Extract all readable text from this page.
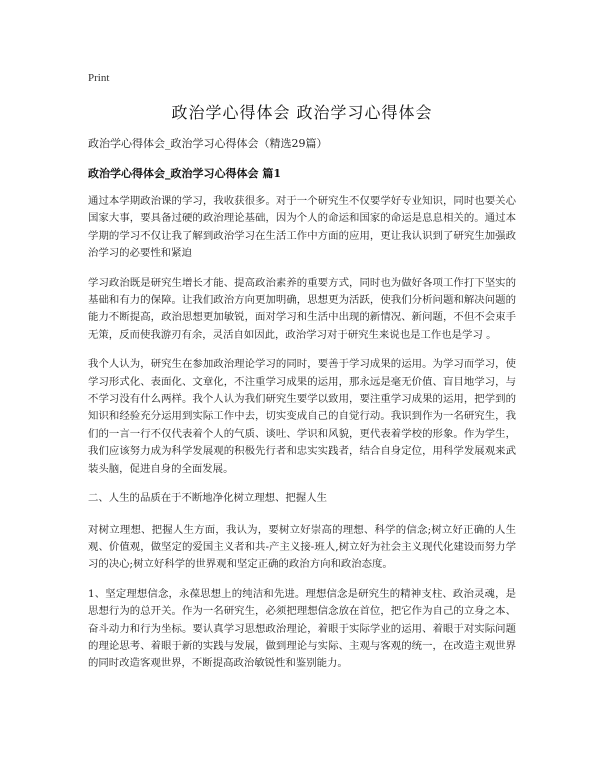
Print
政治学心得体会 政治学习心得体会
政治学心得体会_政治学习心得体会（精选29篇）
政治学心得体会_政治学习心得体会 篇1

通过本学期政治课的学习，我收获很多。对于一个研究生不仅要学好专业知识，同时也要关心国家大事，要具备过硬的政治理论基础，因为个人的命运和国家的命运是息息相关的。通过本学期的学习不仅让我了解到政治学习在生活工作中方面的应用，更让我认识到了研究生加强政治学习的必要性和紧迫

学习政治既是研究生增长才能、提高政治素养的重要方式，同时也为做好各项工作打下坚实的基础和有力的保障。让我们政治方向更加明确，思想更为活跃，使我们分析问题和解决问题的能力不断提高，政治思想更加敏锐，面对学习和生活中出现的新情况、新问题，不但不会束手无策，反而使我游刃有余，灵活自如因此，政治学习对于研究生来说也是工作也是学习 。

我个人认为，研究生在参加政治理论学习的同时，要善于学习成果的运用。为学习而学习，使学习形式化、表面化、文章化，不注重学习成果的运用，那永远是毫无价值、盲目地学习，与不学习没有什么两样。我个人认为我们研究生要学以致用，要注重学习成果的运用，把学到的知识和经验充分运用到实际工作中去，切实变成自己的自觉行动。我识到作为一名研究生，我们的一言一行不仅代表着个人的气质、谈吐、学识和风貌，更代表着学校的形象。作为学生，我们应该努力成为科学发展观的积极先行者和忠实实践者，结合自身定位，用科学发展观来武装头脑，促进自身的全面发展。

二、人生的品质在于不断地净化树立理想、把握人生

对树立理想、把握人生方面，我认为，要树立好崇高的理想、科学的信念;树立好正确的人生观、价值观，做坚定的爱国主义者和共-产主义接-班人,树立好为社会主义现代化建设而努力学习的决心;树立好科学的世界观和坚定正确的政治方向和政治态度。

1、坚定理想信念，永葆思想上的纯洁和先进。理想信念是研究生的精神支柱、政治灵魂，是思想行为的总开关。作为一名研究生，必须把理想信念放在首位，把它作为自己的立身之本、奋斗动力和行为坐标。要认真学习思想政治理论，着眼于实际学业的运用、着眼于对实际问题的理论思考、着眼于新的实践与发展，做到理论与实际、主观与客观的统一，在改造主观世界的同时改造客观世界，不断提高政治敏锐性和鉴别能力。
